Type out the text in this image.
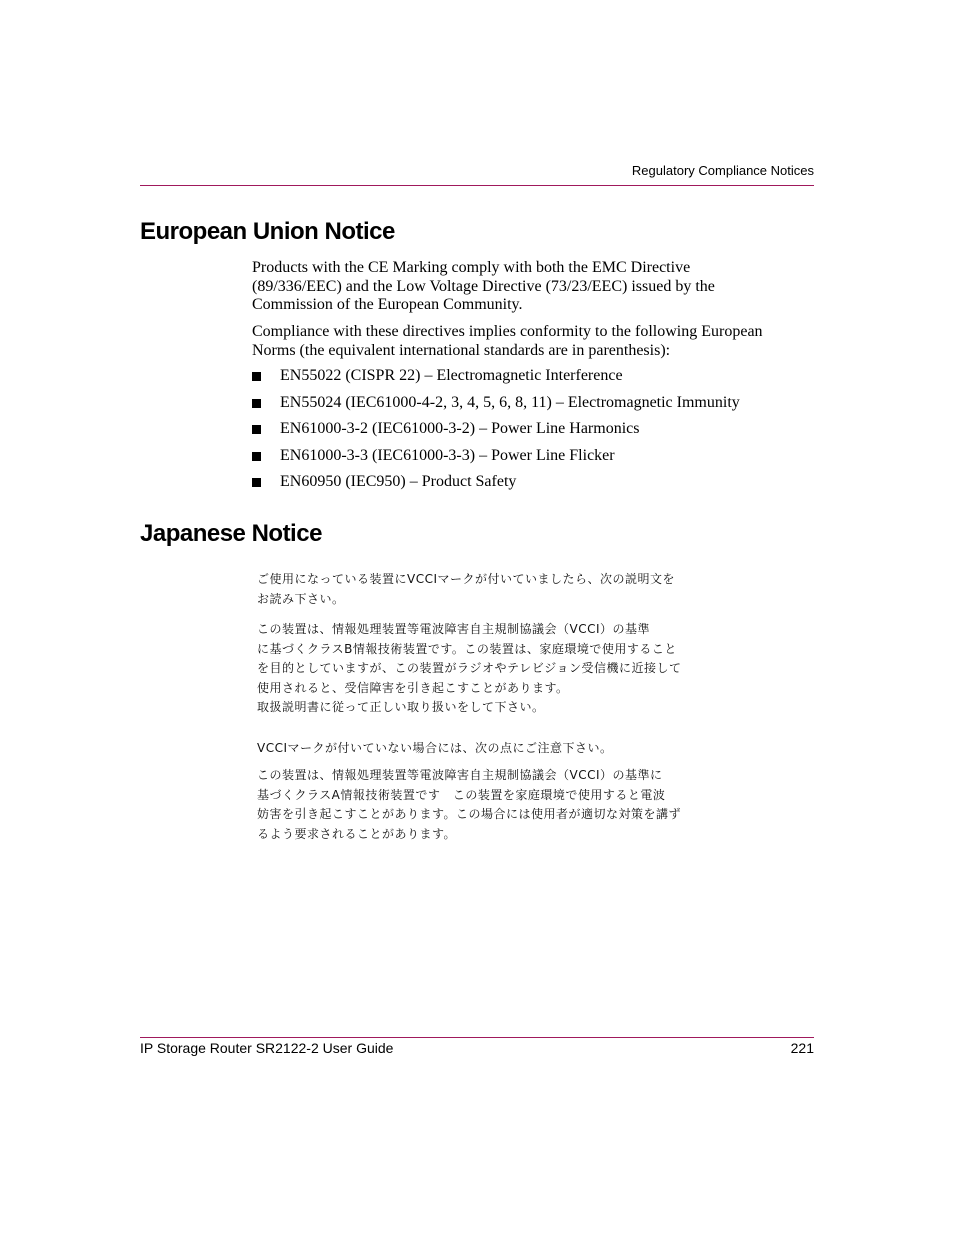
Regulatory Compliance Notices
European Union Notice

Products with the CE Marking comply with both the EMC Directive

(89/336/EEC) and the Low Voltage Directive (73/23/EEC) issued by the

Commission of the European Community.

Compliance with these directives implies conformity to the following European

Norms (the equivalent international standards are in parenthesis):

EN55022 (CISPR 22) – Electromagnetic Interference
EN55024 (IEC61000-4-2, 3, 4, 5, 6, 8, 11) – Electromagnetic Immunity
EN61000-3-2 (IEC61000-3-2) – Power Line Harmonics
EN61000-3-3 (IEC61000-3-3) – Power Line Flicker
EN60950 (IEC950) – Product Safety
Japanese Notice

ご使用になっている装置にVCCIマークが付いていましたら、次の説明文を

お読み下さい。

この装置は、情報処理装置等電波障害自主規制協議会（VCCI）の基準

に基づくクラスB情報技術装置です。この装置は、家庭環境で使用すること

を目的としていますが、この装置がラジオやテレビジョン受信機に近接して

使用されると、受信障害を引き起こすことがあります。

取扱説明書に従って正しい取り扱いをして下さい。

VCCIマークが付いていない場合には、次の点にご注意下さい。

この装置は、情報処理装置等電波障害自主規制協議会（VCCI）の基準に

基づくクラスA情報技術装置です　この装置を家庭環境で使用すると電波

妨害を引き起こすことがあります。この場合には使用者が適切な対策を講ず

るよう要求されることがあります。

IP Storage Router SR2122-2 User Guide	221
